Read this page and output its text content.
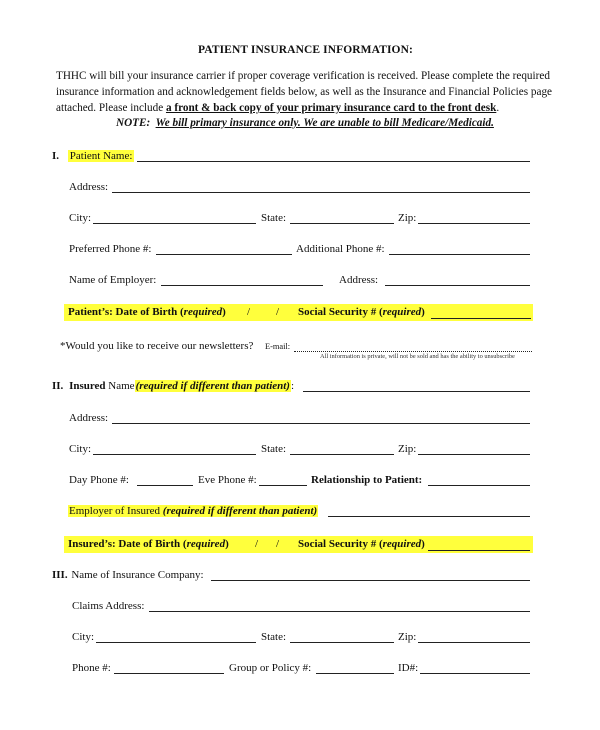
PATIENT INSURANCE INFORMATION:
THHC will bill your insurance carrier if proper coverage verification is received. Please complete the required
insurance information and acknowledgement fields below, as well as the Insurance and Financial Policies page
attached. Please include a front & back copy of your primary insurance card to the front desk.
NOTE: We bill primary insurance only. We are unable to bill Medicare/Medicaid.
I. Patient Name:
Address:
City:	State:	Zip:
Preferred Phone #:	Additional Phone #:
Name of Employer:	Address:
Patient’s: Date of Birth (required) / / Social Security # (required)
*Would you like to receive our newsletters? E-mail:
All information is private, will not be sold and has the ability to unsubscribe
II. Insured Name(required if different than patient):
Address:
City:	State:	Zip:
Day Phone #:	Eve Phone #:	Relationship to Patient:
Employer of Insured (required if different than patient)
Insured’s: Date of Birth (required) / / Social Security # (required)
III. Name of Insurance Company:
Claims Address:
City:	State:	Zip:
Phone #:	Group or Policy #:	ID#:
